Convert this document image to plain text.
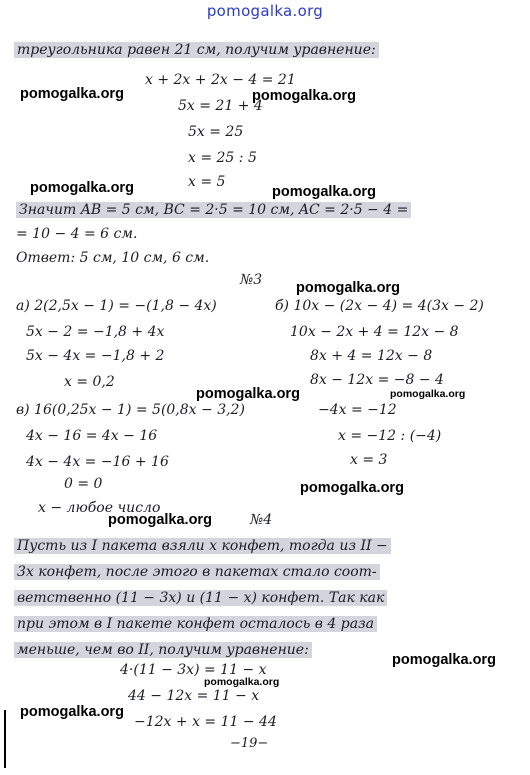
pomogalka.org
треугольника равен 21 см, получим уравнение:
x + 2x + 2x − 4 = 21
5x = 21 + 4
5x = 25
x = 25 : 5
x = 5
Значит AB = 5 см, BC = 2·5 = 10 см, AC = 2·5 − 4 =
= 10 − 4 = 6 см.
Ответ: 5 см, 10 см, 6 см.
№3
а) 2(2,5x − 1) = −(1,8 − 4x)
5x − 2 = −1,8 + 4x
5x − 4x = −1,8 + 2
x = 0,2
б) 10x − (2x − 4) = 4(3x − 2)
10x − 2x + 4 = 12x − 8
8x + 4 = 12x − 8
8x − 12x = −8 − 4
−4x = −12
x = −12 : (−4)
x = 3
в) 16(0,25x − 1) = 5(0,8x − 3,2)
4x − 16 = 4x − 16
4x − 4x = −16 + 16
0 = 0
x − любое число
№4
Пусть из I пакета взяли x конфет, тогда из II −
3x конфет, после этого в пакетах стало соот-
ветственно (11 − 3x) и (11 − x) конфет. Так как
при этом в I пакете конфет осталось в 4 раза
меньше, чем во II, получим уравнение:
4·(11 − 3x) = 11 − x
44 − 12x = 11 − x
−12x + x = 11 − 44
−19−
pomogalka.org	pomogalka.org
pomogalka.org	pomogalka.org
pomogalka.org
pomogalka.org	pomogalka.org
pomogalka.org
pomogalka.org
pomogalka.org
pomogalka.org
pomogalka.org
